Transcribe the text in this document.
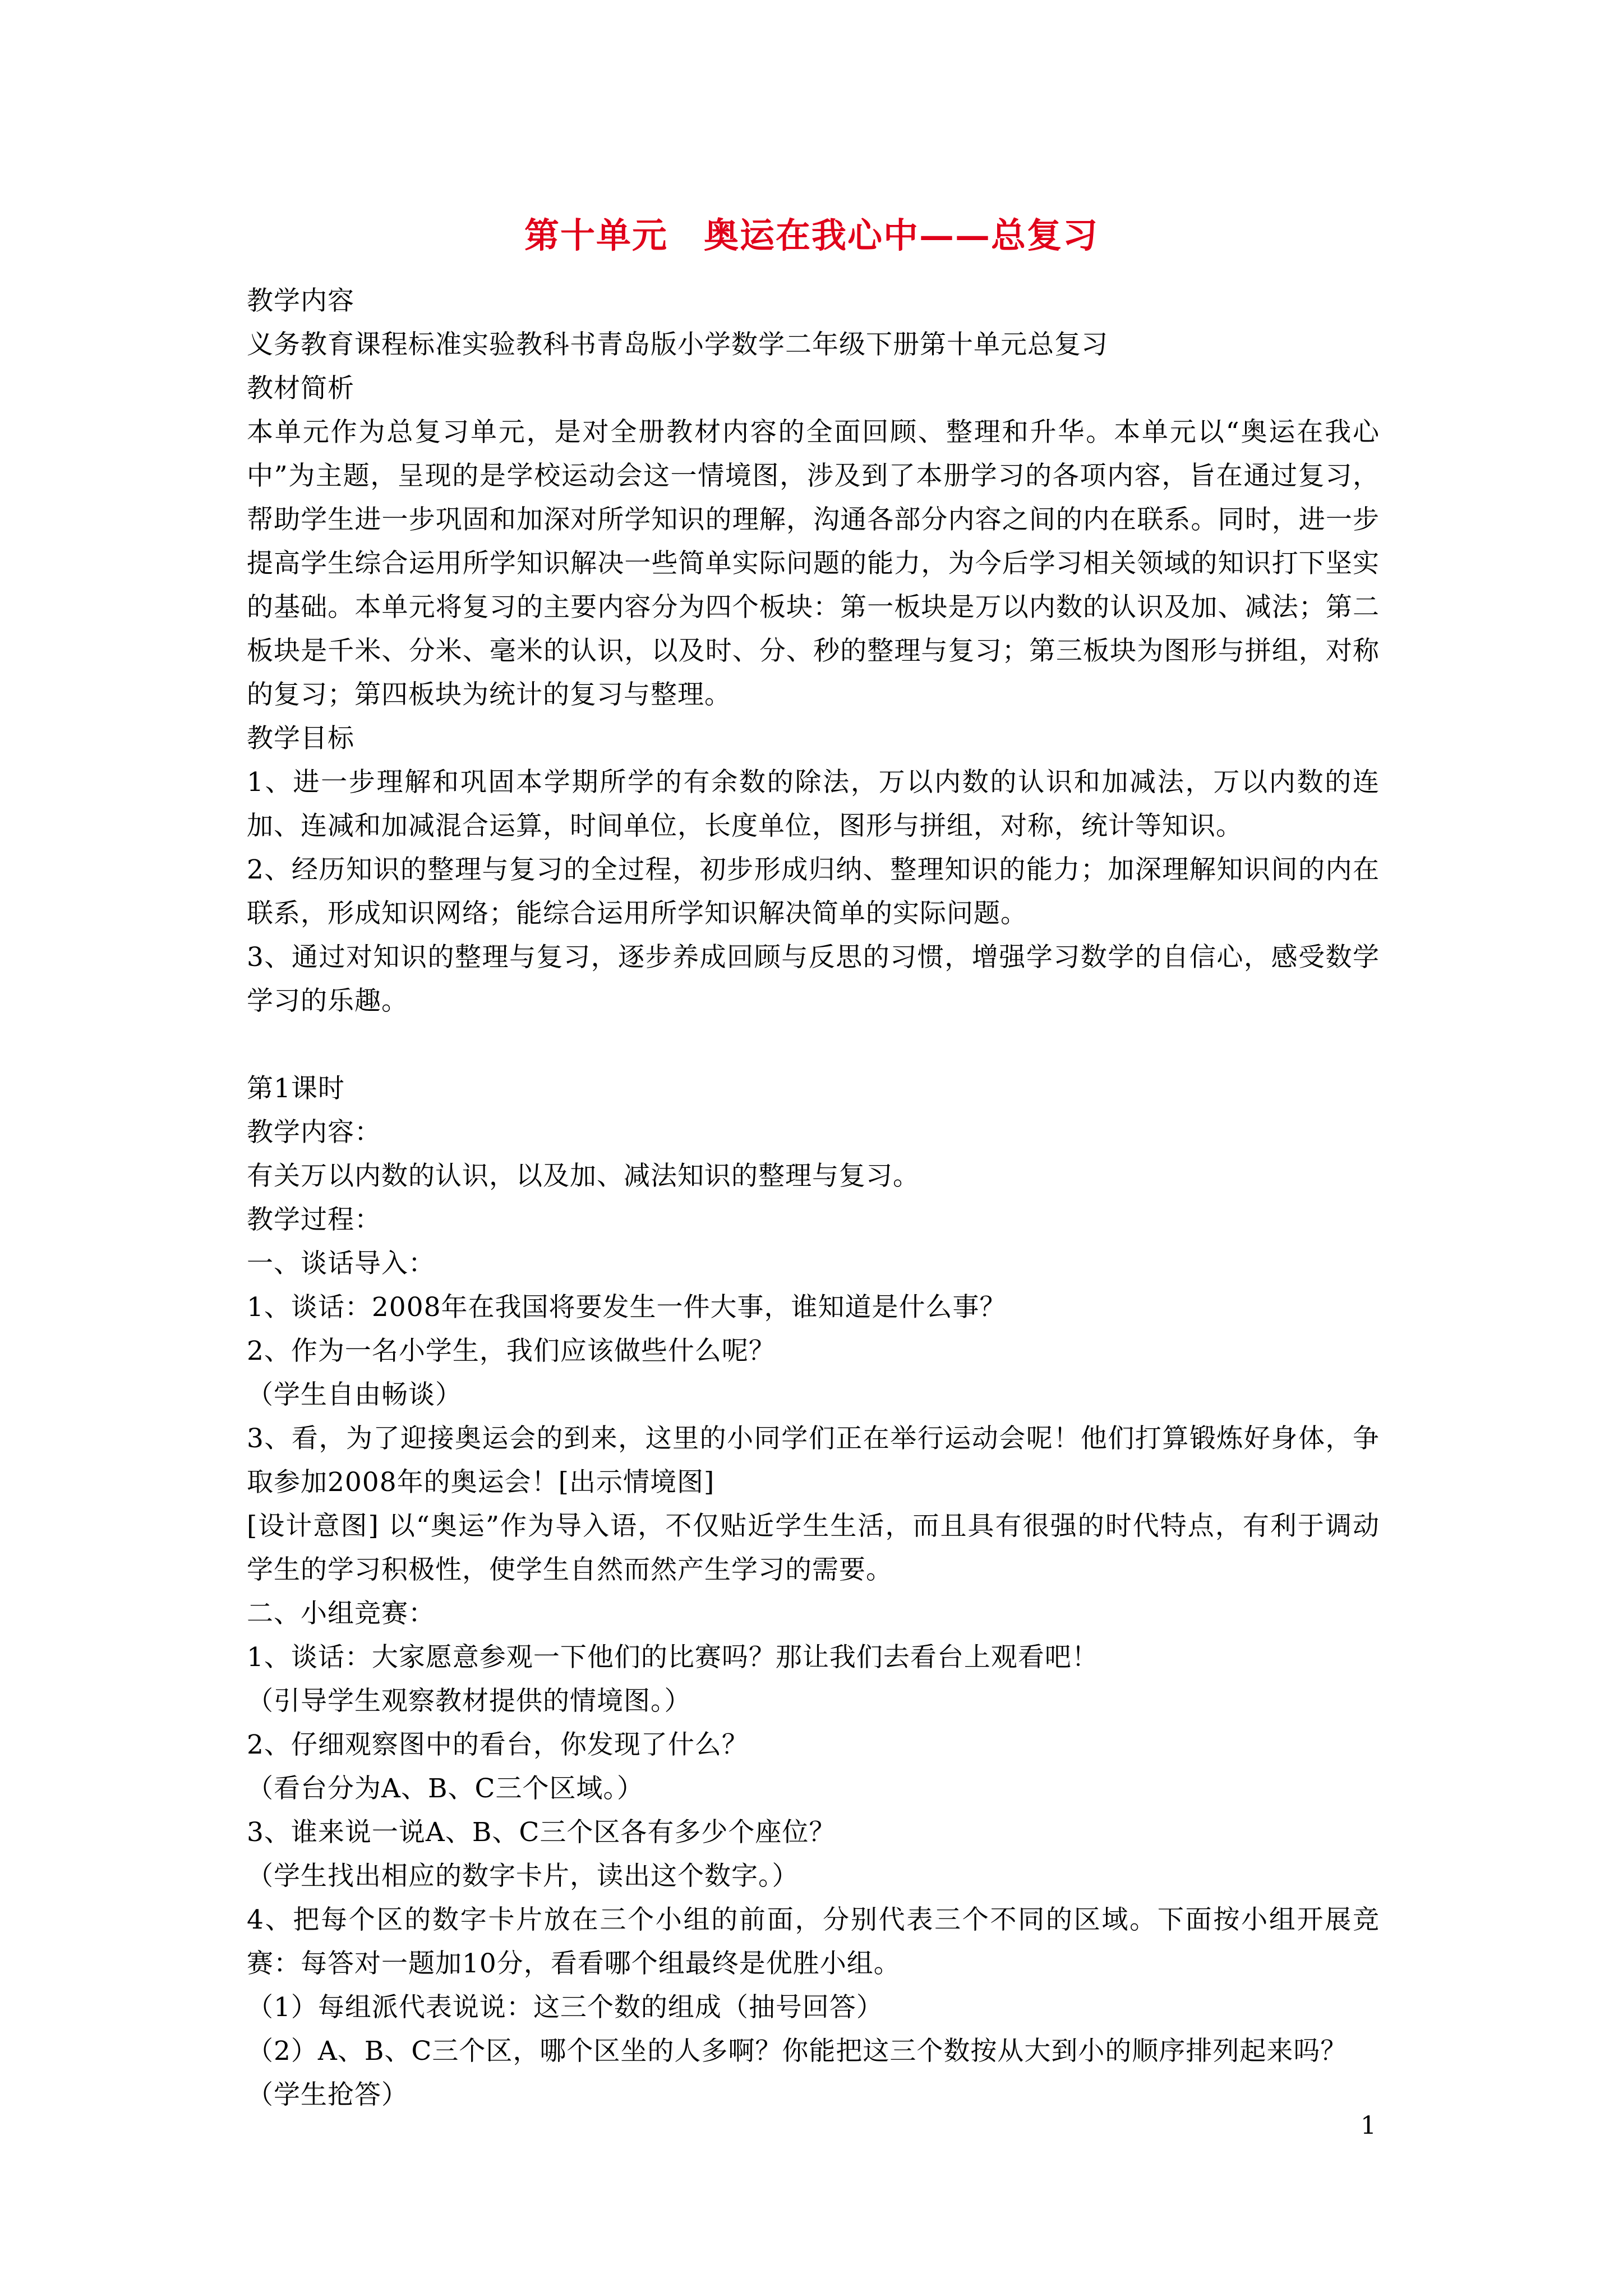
第十单元　奥运在我心中——总复习

教学内容

义务教育课程标准实验教科书青岛版小学数学二年级下册第十单元总复习

教材简析

本单元作为总复习单元，是对全册教材内容的全面回顾、整理和升华。本单元以“奥运在我心中”为主题，呈现的是学校运动会这一情境图，涉及到了本册学习的各项内容，旨在通过复习，帮助学生进一步巩固和加深对所学知识的理解，沟通各部分内容之间的内在联系。同时，进一步提高学生综合运用所学知识解决一些简单实际问题的能力，为今后学习相关领域的知识打下坚实的基础。本单元将复习的主要内容分为四个板块：第一板块是万以内数的认识及加、减法；第二板块是千米、分米、毫米的认识，以及时、分、秒的整理与复习；第三板块为图形与拼组，对称的复习；第四板块为统计的复习与整理。

教学目标

1、进一步理解和巩固本学期所学的有余数的除法，万以内数的认识和加减法，万以内数的连加、连减和加减混合运算，时间单位，长度单位，图形与拼组，对称，统计等知识。

2、经历知识的整理与复习的全过程，初步形成归纳、整理知识的能力；加深理解知识间的内在联系，形成知识网络；能综合运用所学知识解决简单的实际问题。

3、通过对知识的整理与复习，逐步养成回顾与反思的习惯，增强学习数学的自信心，感受数学学习的乐趣。

第1课时

教学内容：

有关万以内数的认识，以及加、减法知识的整理与复习。

教学过程：

一、谈话导入：

1、谈话：2008年在我国将要发生一件大事，谁知道是什么事？

2、作为一名小学生，我们应该做些什么呢？

（学生自由畅谈）

3、看，为了迎接奥运会的到来，这里的小同学们正在举行运动会呢！他们打算锻炼好身体，争取参加2008年的奥运会！[出示情境图]

[设计意图] 以“奥运”作为导入语，不仅贴近学生生活，而且具有很强的时代特点，有利于调动学生的学习积极性，使学生自然而然产生学习的需要。

二、小组竞赛：

1、谈话：大家愿意参观一下他们的比赛吗？那让我们去看台上观看吧！

（引导学生观察教材提供的情境图。）

2、仔细观察图中的看台，你发现了什么？

（看台分为A、B、C三个区域。）

3、谁来说一说A、B、C三个区各有多少个座位？

（学生找出相应的数字卡片，读出这个数字。）

4、把每个区的数字卡片放在三个小组的前面，分别代表三个不同的区域。下面按小组开展竞赛：每答对一题加10分，看看哪个组最终是优胜小组。

（1）每组派代表说说：这三个数的组成（抽号回答）

（2）A、B、C三个区，哪个区坐的人多啊？你能把这三个数按从大到小的顺序排列起来吗？

（学生抢答）

1
